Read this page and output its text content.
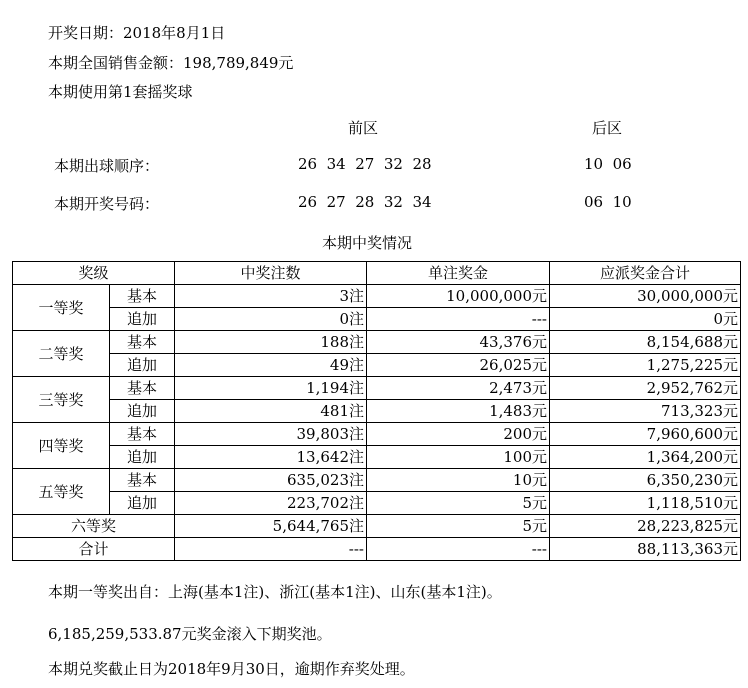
开奖日期：2018年8月1日
本期全国销售金额：198,789,849元
本期使用第1套摇奖球
前区	后区
本期出球顺序：	26  34  27  32  28	10  06
本期开奖号码：	26  27  28  32  34	06  10
本期中奖情况
奖级		中奖注数	单注奖金	应派奖金合计
一等奖	基本	3注	10,000,000元	30,000,000元
	追加	0注	---	0元
二等奖	基本	188注	43,376元	8,154,688元
	追加	49注	26,025元	1,275,225元
三等奖	基本	1,194注	2,473元	2,952,762元
	追加	481注	1,483元	713,323元
四等奖	基本	39,803注	200元	7,960,600元
	追加	13,642注	100元	1,364,200元
五等奖	基本	635,023注	10元	6,350,230元
	追加	223,702注	5元	1,118,510元
六等奖		5,644,765注	5元	28,223,825元
合计		---	---	88,113,363元
本期一等奖出自：上海(基本1注)、浙江(基本1注)、山东(基本1注)。
6,185,259,533.87元奖金滚入下期奖池。
本期兑奖截止日为2018年9月30日，逾期作弃奖处理。
